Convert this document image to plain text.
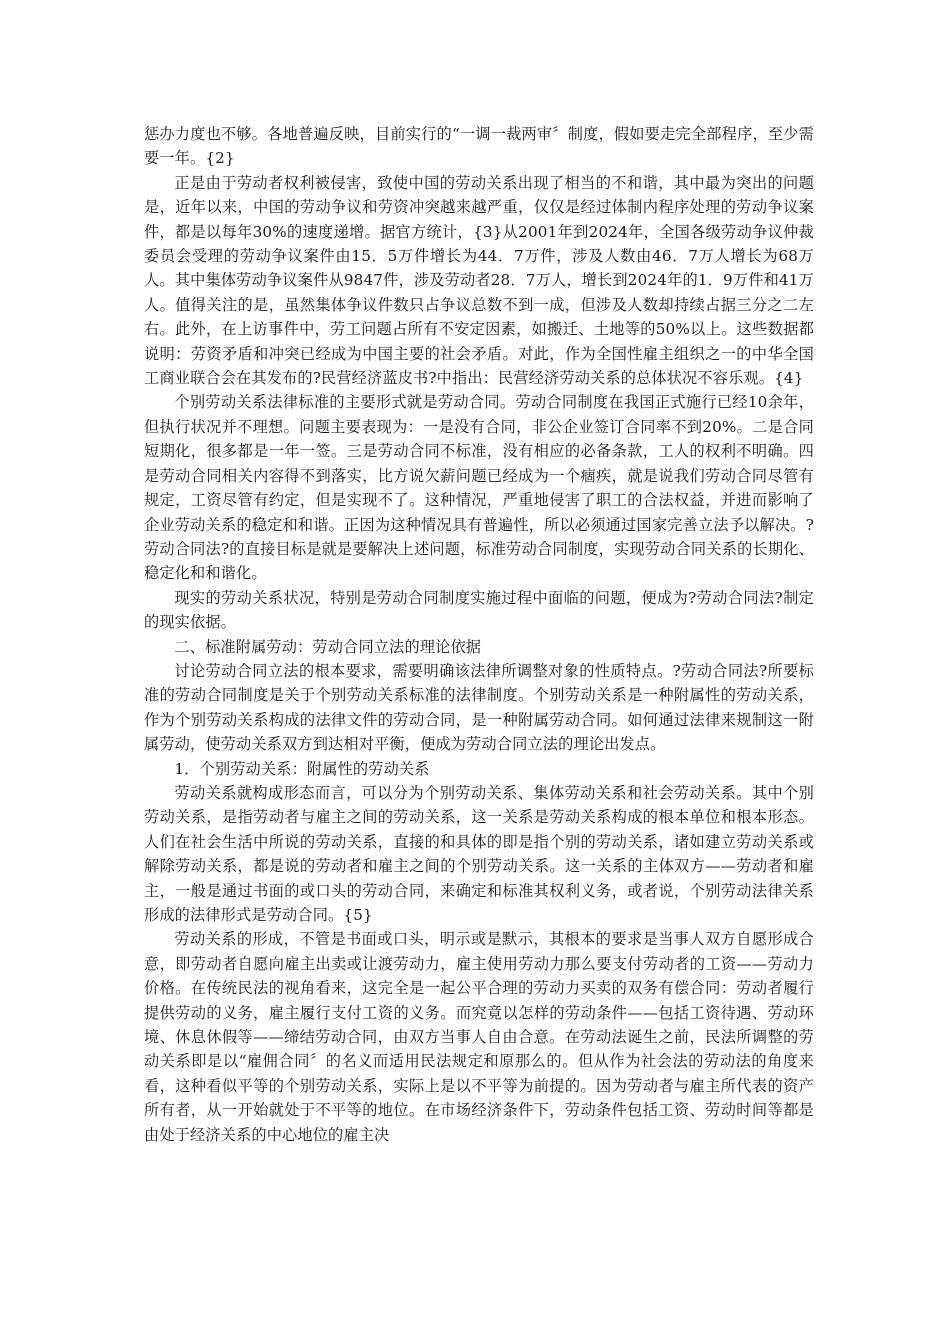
惩办力度也不够。各地普遍反映，目前实行的“一调一裁两审〞制度，假如要走完全部程序，至少需要一年。{2}

正是由于劳动者权利被侵害，致使中国的劳动关系出现了相当的不和谐，其中最为突出的问题是，近年以来，中国的劳动争议和劳资冲突越来越严重，仅仅是经过体制内程序处理的劳动争议案件，都是以每年30%的速度递增。据官方统计，{3}从2001年到2024年，全国各级劳动争议仲裁委员会受理的劳动争议案件由15．5万件增长为44．7万件，涉及人数由46．7万人增长为68万人。其中集体劳动争议案件从9847件，涉及劳动者28．7万人，增长到2024年的1．9万件和41万人。值得关注的是，虽然集体争议件数只占争议总数不到一成，但涉及人数却持续占据三分之二左右。此外，在上访事件中，劳工问题占所有不安定因素，如搬迁、土地等的50%以上。这些数据都说明：劳资矛盾和冲突已经成为中国主要的社会矛盾。对此，作为全国性雇主组织之一的中华全国工商业联合会在其发布的?民营经济蓝皮书?中指出：民营经济劳动关系的总体状况不容乐观。{4}

个别劳动关系法律标准的主要形式就是劳动合同。劳动合同制度在我国正式施行已经10余年，但执行状况并不理想。问题主要表现为：一是没有合同，非公企业签订合同率不到20%。二是合同短期化，很多都是一年一签。三是劳动合同不标准，没有相应的必备条款，工人的权利不明确。四是劳动合同相关内容得不到落实，比方说欠薪问题已经成为一个痼疾，就是说我们劳动合同尽管有规定，工资尽管有约定，但是实现不了。这种情况，严重地侵害了职工的合法权益，并进而影响了企业劳动关系的稳定和和谐。正因为这种情况具有普遍性，所以必须通过国家完善立法予以解决。?劳动合同法?的直接目标是就是要解决上述问题，标准劳动合同制度，实现劳动合同关系的长期化、稳定化和和谐化。

现实的劳动关系状况，特别是劳动合同制度实施过程中面临的问题，便成为?劳动合同法?制定的现实依据。

二、标准附属劳动：劳动合同立法的理论依据

讨论劳动合同立法的根本要求，需要明确该法律所调整对象的性质特点。?劳动合同法?所要标准的劳动合同制度是关于个别劳动关系标准的法律制度。个别劳动关系是一种附属性的劳动关系，作为个别劳动关系构成的法律文件的劳动合同，是一种附属劳动合同。如何通过法律来规制这一附属劳动，使劳动关系双方到达相对平衡，便成为劳动合同立法的理论出发点。

1．个别劳动关系：附属性的劳动关系

劳动关系就构成形态而言，可以分为个别劳动关系、集体劳动关系和社会劳动关系。其中个别劳动关系，是指劳动者与雇主之间的劳动关系，这一关系是劳动关系构成的根本单位和根本形态。人们在社会生活中所说的劳动关系，直接的和具体的即是指个别的劳动关系，诸如建立劳动关系或解除劳动关系，都是说的劳动者和雇主之间的个别劳动关系。这一关系的主体双方——劳动者和雇主，一般是通过书面的或口头的劳动合同，来确定和标准其权利义务，或者说，个别劳动法律关系形成的法律形式是劳动合同。{5}

劳动关系的形成，不管是书面或口头，明示或是默示，其根本的要求是当事人双方自愿形成合意，即劳动者自愿向雇主出卖或让渡劳动力，雇主使用劳动力那么要支付劳动者的工资——劳动力价格。在传统民法的视角看来，这完全是一起公平合理的劳动力买卖的双务有偿合同：劳动者履行提供劳动的义务，雇主履行支付工资的义务。而究竟以怎样的劳动条件——包括工资待遇、劳动环境、休息休假等——缔结劳动合同，由双方当事人自由合意。在劳动法诞生之前，民法所调整的劳动关系即是以“雇佣合同〞的名义而适用民法规定和原那么的。但从作为社会法的劳动法的角度来看，这种看似平等的个别劳动关系，实际上是以不平等为前提的。因为劳动者与雇主所代表的资产所有者，从一开始就处于不平等的地位。在市场经济条件下，劳动条件包括工资、劳动时间等都是由处于经济关系的中心地位的雇主决
